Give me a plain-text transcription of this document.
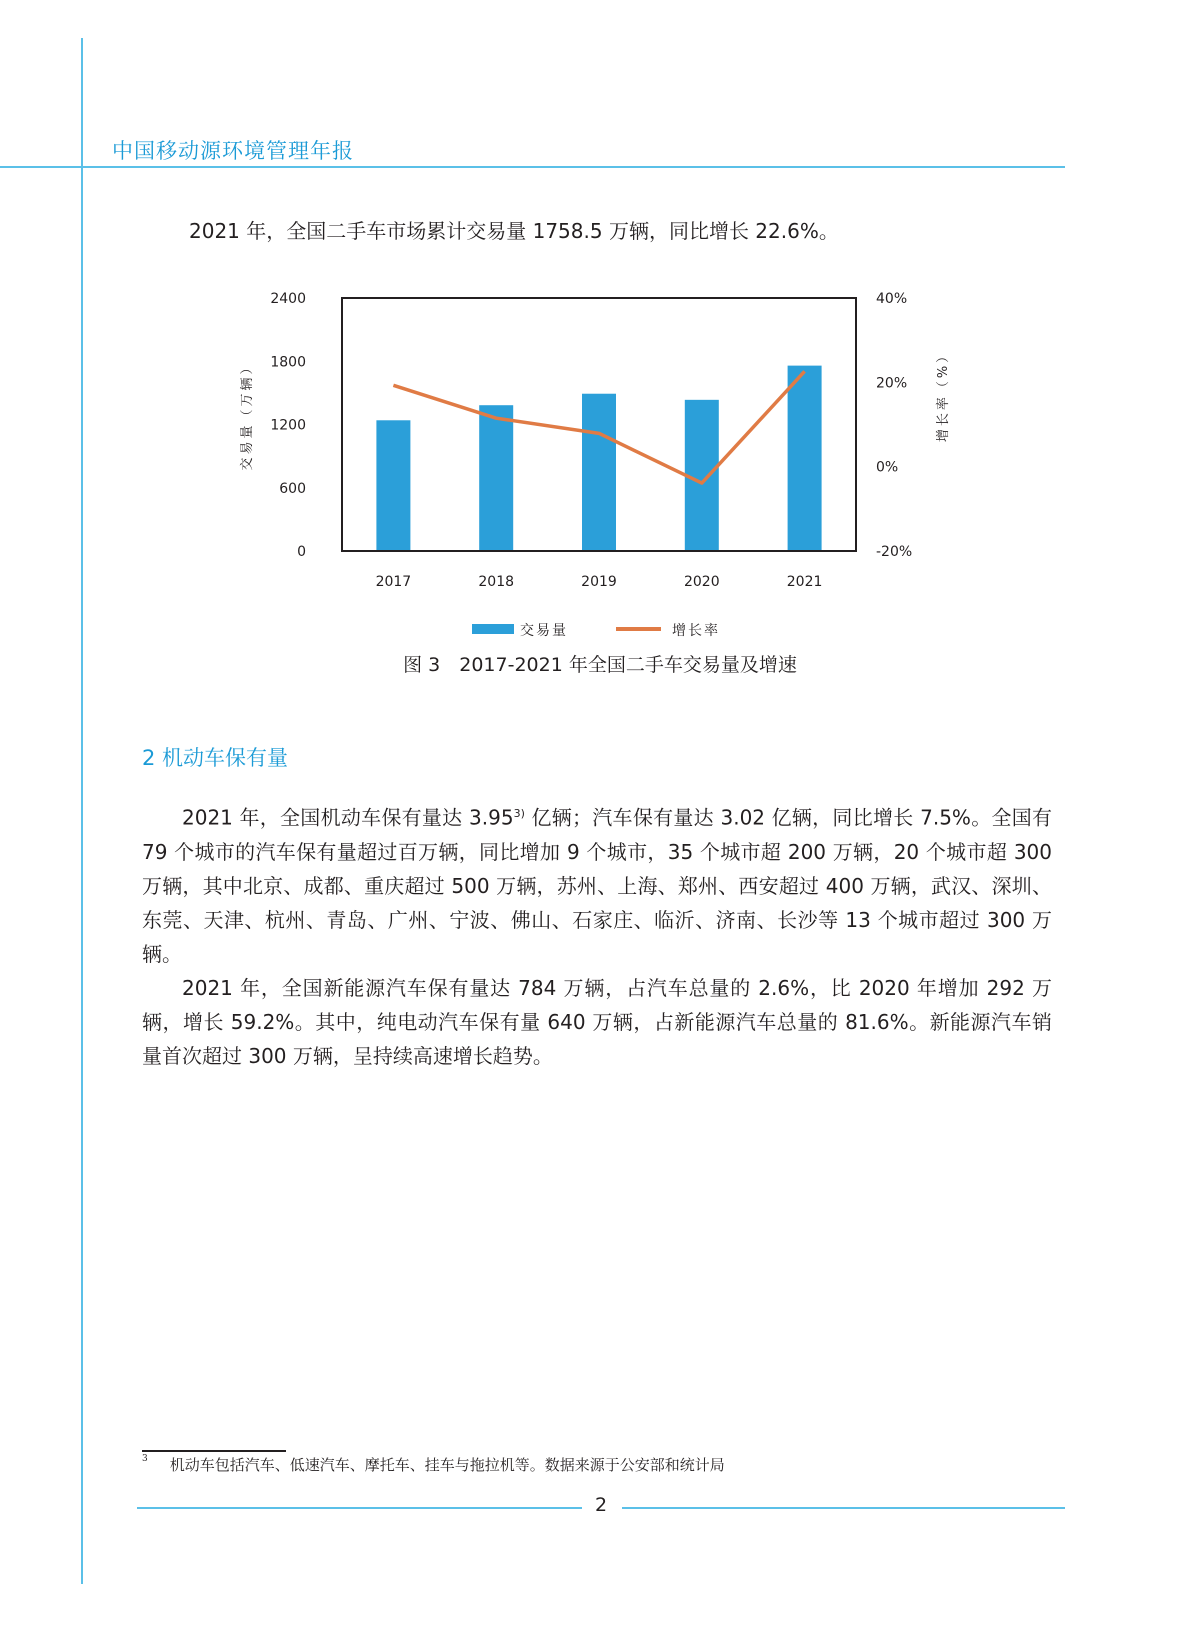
中国移动源环境管理年报
2021 年，全国二手车市场累计交易量 1758.5 万辆，同比增长 22.6%。
0
600
1200
1800
2400
-20%
0%
20%
40%
2017	2018	2019	2020	2021
交易量（万辆）	增长率（%）
交易量	增长率
图 3　2017-2021 年全国二手车交易量及增速
2 机动车保有量

2021 年，全国机动车保有量达 3.95$^{3)}$ 亿辆；汽车保有量达 3.02 亿辆，同比增长 7.5%。全国有 79 个城市的汽车保有量超过百万辆，同比增加 9 个城市，35 个城市超 200 万辆，20 个城市超 300 万辆，其中北京、成都、重庆超过 500 万辆，苏州、上海、郑州、西安超过 400 万辆，武汉、深圳、东莞、天津、杭州、青岛、广州、宁波、佛山、石家庄、临沂、济南、长沙等 13 个城市超过 300 万辆。

2021 年，全国新能源汽车保有量达 784 万辆，占汽车总量的 2.6%，比 2020 年增加 292 万辆，增长 59.2%。其中，纯电动汽车保有量 640 万辆，占新能源汽车总量的 81.6%。新能源汽车销量首次超过 300 万辆，呈持续高速增长趋势。

$^3$ 机动车包括汽车、低速汽车、摩托车、挂车与拖拉机等。数据来源于公安部和统计局
2
